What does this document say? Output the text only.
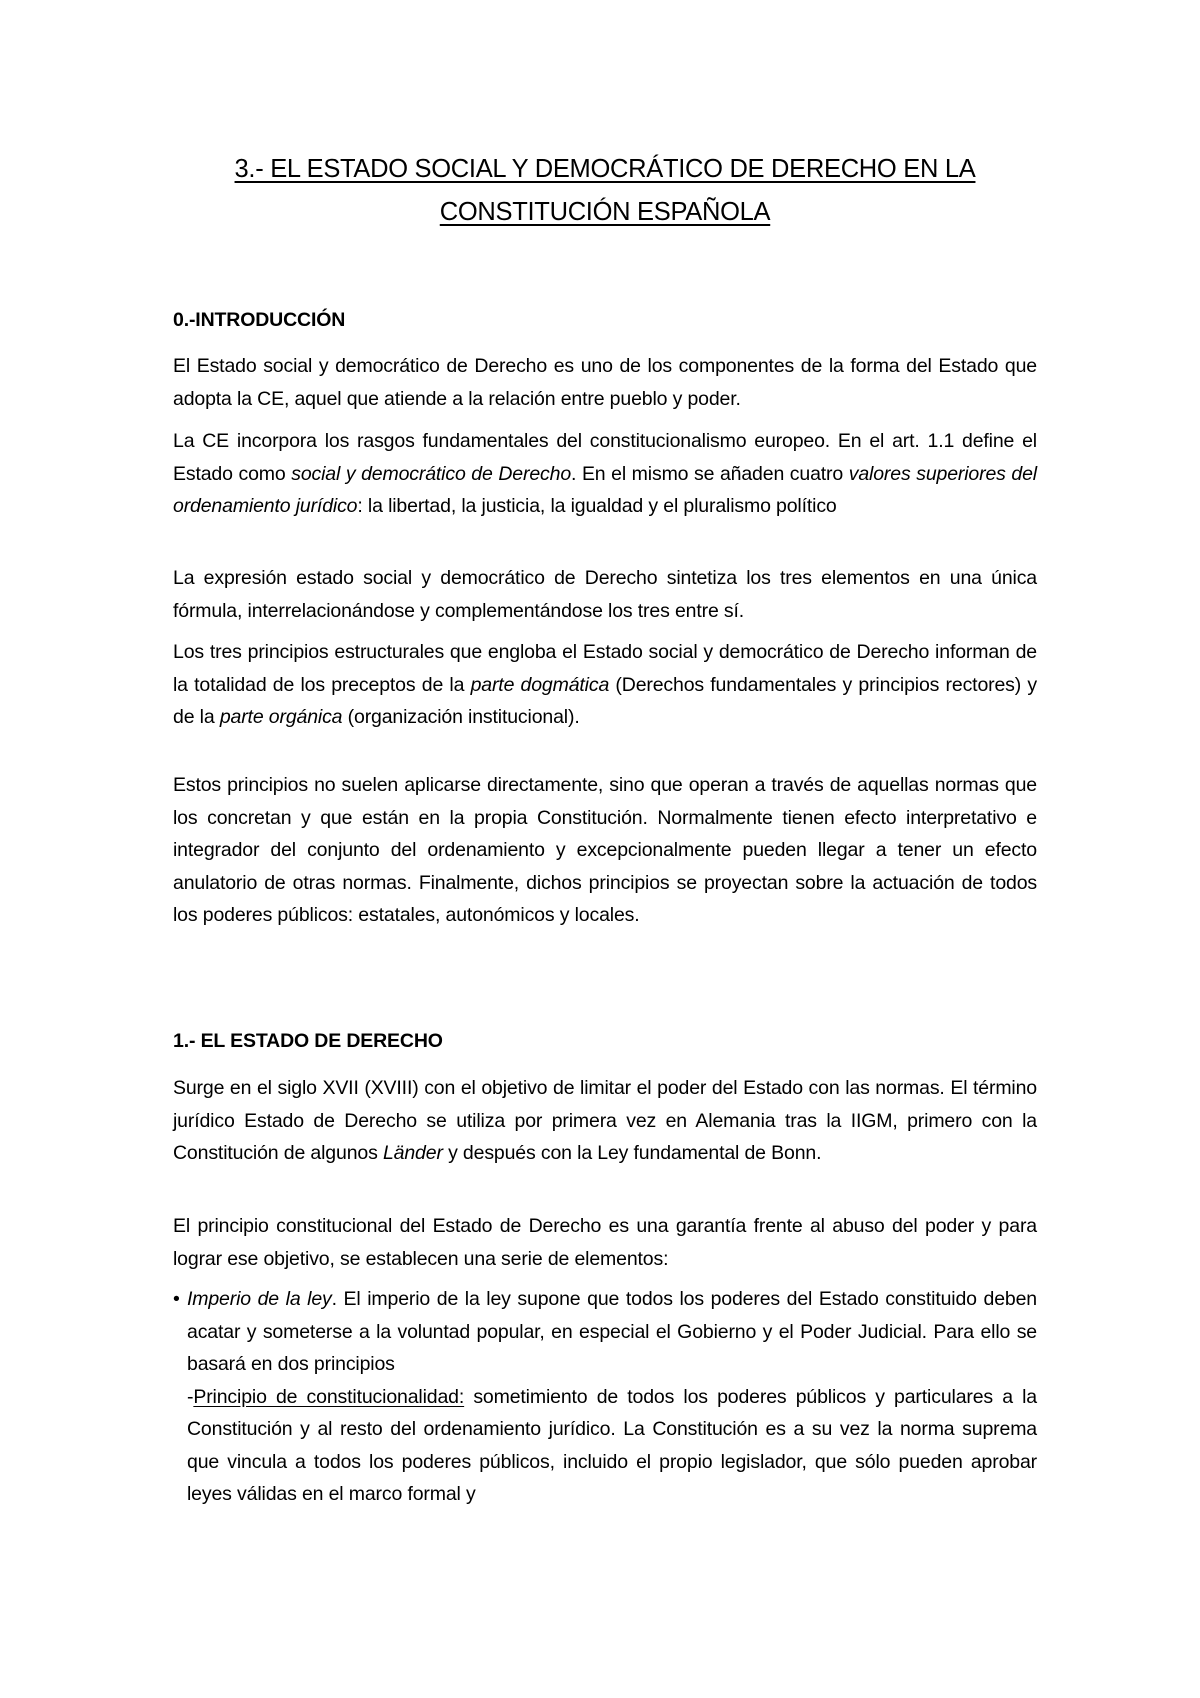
3.- EL ESTADO SOCIAL Y DEMOCRÁTICO DE DERECHO EN LA
CONSTITUCIÓN ESPAÑOLA
0.-INTRODUCCIÓN

El Estado social y democrático de Derecho es uno de los componentes de la forma del Estado que adopta la CE, aquel que atiende a la relación entre pueblo y poder.

La CE incorpora los rasgos fundamentales del constitucionalismo europeo. En el art. 1.1 define el Estado como social y democrático de Derecho. En el mismo se añaden cuatro valores superiores del ordenamiento jurídico: la libertad, la justicia, la igualdad y el pluralismo político

La expresión estado social y democrático de Derecho sintetiza los tres elementos en una única fórmula, interrelacionándose y complementándose los tres entre sí.

Los tres principios estructurales que engloba el Estado social y democrático de Derecho informan de la totalidad de los preceptos de la parte dogmática (Derechos fundamentales y principios rectores) y de la parte orgánica (organización institucional).

Estos principios no suelen aplicarse directamente, sino que operan a través de aquellas normas que los concretan y que están en la propia Constitución. Normalmente tienen efecto interpretativo e integrador del conjunto del ordenamiento y excepcionalmente pueden llegar a tener un efecto anulatorio de otras normas. Finalmente, dichos principios se proyectan sobre la actuación de todos los poderes públicos: estatales, autonómicos y locales.

1.- EL ESTADO DE DERECHO

Surge en el siglo XVII (XVIII) con el objetivo de limitar el poder del Estado con las normas. El término jurídico Estado de Derecho se utiliza por primera vez en Alemania tras la IIGM, primero con la Constitución de algunos Länder y después con la Ley fundamental de Bonn.

El principio constitucional del Estado de Derecho es una garantía frente al abuso del poder y para lograr ese objetivo, se establecen una serie de elementos:

• Imperio de la ley. El imperio de la ley supone que todos los poderes del Estado constituido deben acatar y someterse a la voluntad popular, en especial el Gobierno y el Poder Judicial. Para ello se basará en dos principios
-Principio de constitucionalidad: sometimiento de todos los poderes públicos y particulares a la Constitución y al resto del ordenamiento jurídico. La Constitución es a su vez la norma suprema que vincula a todos los poderes públicos, incluido el propio legislador, que sólo pueden aprobar leyes válidas en el marco formal y
